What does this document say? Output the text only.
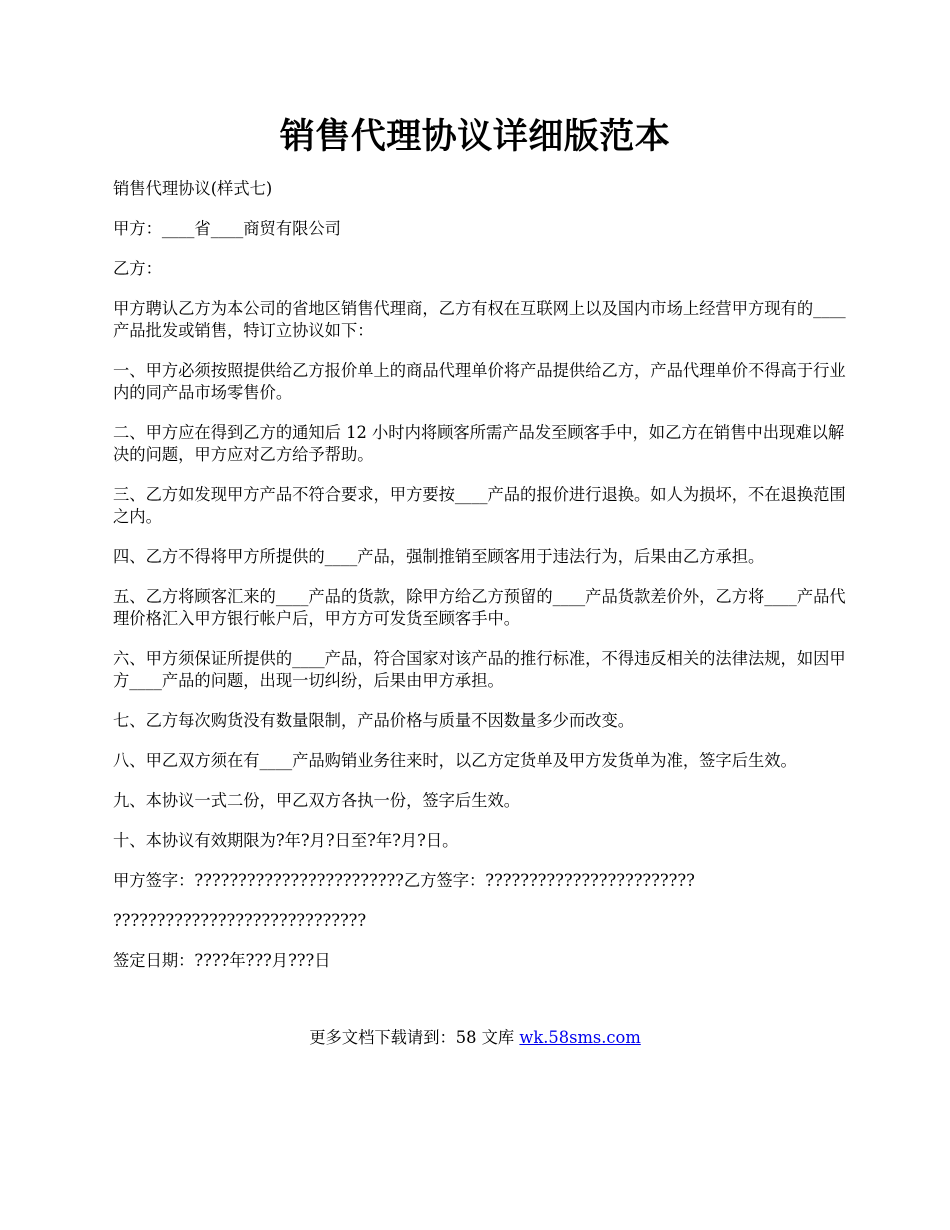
销售代理协议详细版范本

销售代理协议(样式七)

甲方：____省____商贸有限公司

乙方：

甲方聘认乙方为本公司的省地区销售代理商，乙方有权在互联网上以及国内市场上经营甲方现有的____产品批发或销售，特订立协议如下：

一、甲方必须按照提供给乙方报价单上的商品代理单价将产品提供给乙方，产品代理单价不得高于行业内的同产品市场零售价。

二、甲方应在得到乙方的通知后 12 小时内将顾客所需产品发至顾客手中，如乙方在销售中出现难以解决的问题，甲方应对乙方给予帮助。

三、乙方如发现甲方产品不符合要求，甲方要按____产品的报价进行退换。如人为损坏，不在退换范围之内。

四、乙方不得将甲方所提供的____产品，强制推销至顾客用于违法行为，后果由乙方承担。

五、乙方将顾客汇来的____产品的货款，除甲方给乙方预留的____产品货款差价外，乙方将____产品代理价格汇入甲方银行帐户后，甲方方可发货至顾客手中。

六、甲方须保证所提供的____产品，符合国家对该产品的推行标准，不得违反相关的法律法规，如因甲方____产品的问题，出现一切纠纷，后果由甲方承担。

七、乙方每次购货没有数量限制，产品价格与质量不因数量多少而改变。

八、甲乙双方须在有____产品购销业务往来时，以乙方定货单及甲方发货单为准，签字后生效。

九、本协议一式二份，甲乙双方各执一份，签字后生效。

十、本协议有效期限为?年?月?日至?年?月?日。

甲方签字：????????????????????????乙方签字：????????????????????????

?????????????????????????????

签定日期：????年???月???日

更多文档下载请到：58 文库 wk.58sms.com
